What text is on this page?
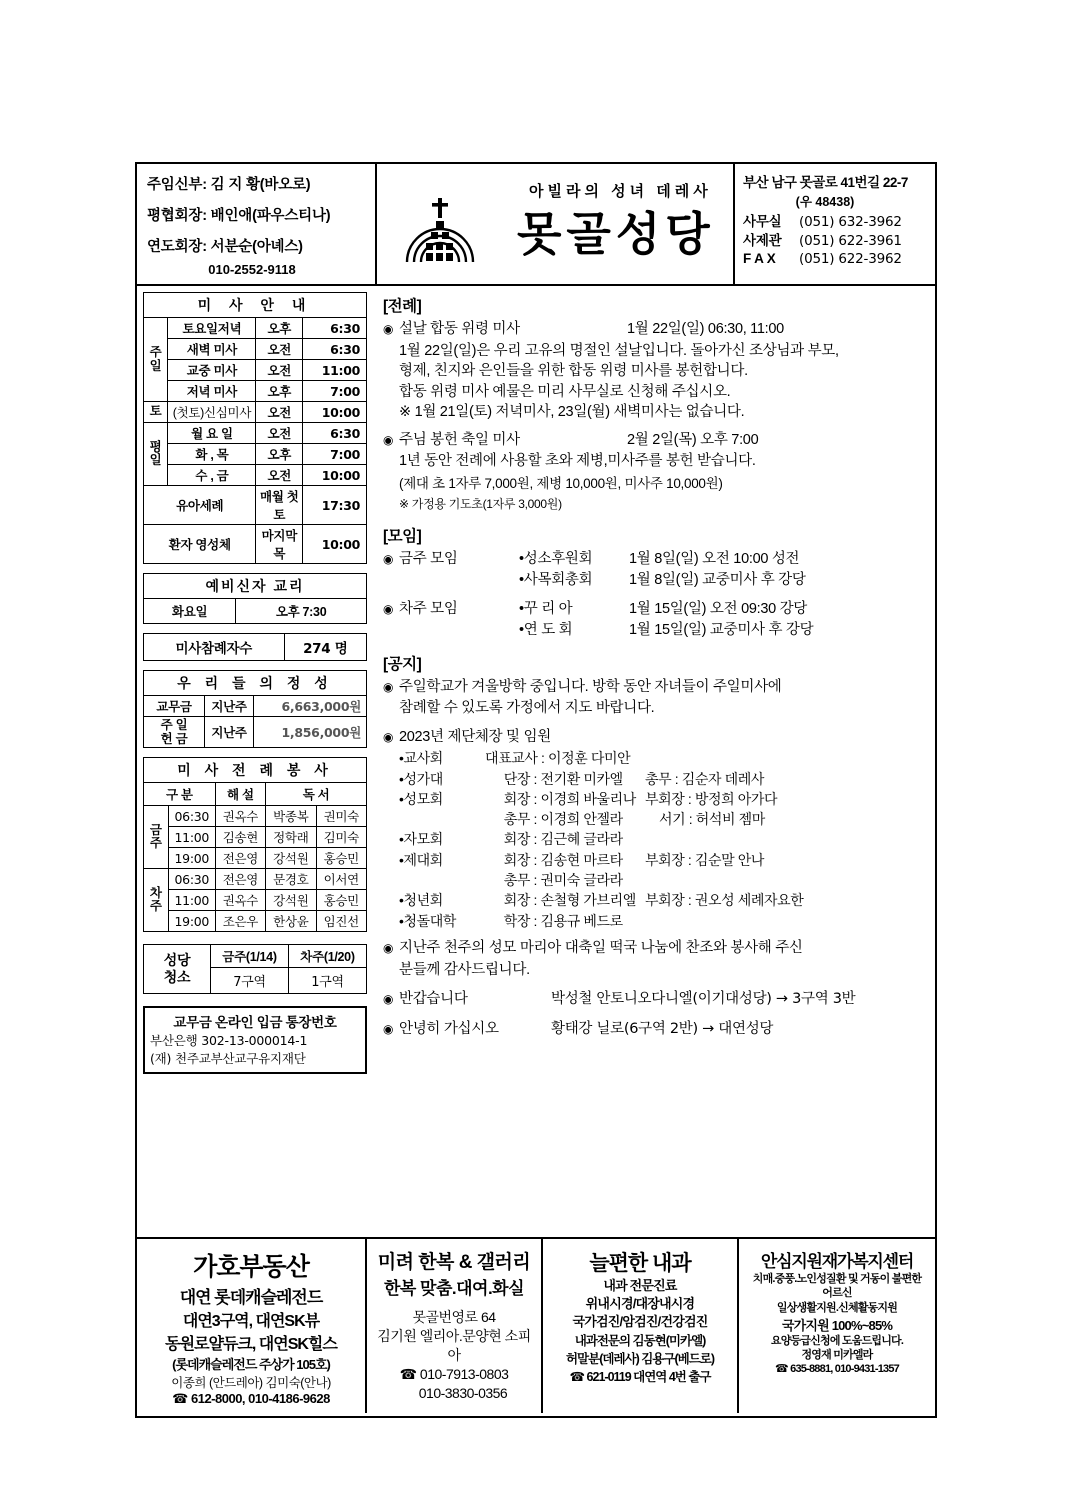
주임신부: 김 지 황(바오로)
평협회장: 배인애(파우스티나)
연도회장: 서분순(아녜스)
010-2552-9118
아빌라의 성녀 데레사
못골성당
부산 남구 못골로 41번길 22-7
(우 48438)
사무실 (051) 632-3962
사제관 (051) 622-3961
F A X (051) 622-3962
미 사 안 내			
주
일	토요일저녁	오후	6:30
	새벽 미사	오전	6:30
	교중 미사	오전	11:00
	저녁 미사	오후	7:00
토	(첫토)신심미사	오전	10:00
평
일	월 요 일	오전	6:30
	화 , 목	오후	7:00
	수 , 금	오전	10:00
유아세례		매월 첫 토	17:30
환자 영성체		마지막 목	10:00
예비신자 교리
화요일	오후 7:30
미사참례자수	274 명
우 리 들 의 정 성		
교무금	지난주	6,663,000원
주 일
헌 금	지난주	1,856,000원
미 사 전 례 봉 사				
구 분		해 설	독 서	
금
주	06:30	권옥수	박종복	권미숙
	11:00	김송현	정학래	김미숙
	19:00	전은영	강석원	홍승민
차
주	06:30	전은영	문경호	이서연
	11:00	권옥수	강석원	홍승민
	19:00	조은우	한상윤	임진선
성당
청소	금주(1/14)	차주(1/20)
	7구역	1구역
교무금 온라인 입금 통장번호
부산은행 302-13-000014-1
(재) 천주교부산교구유지재단
[전례]
◉ 설날 합동 위령 미사	1월 22일(일) 06:30, 11:00
1월 22일(일)은 우리 고유의 명절인 설날입니다. 돌아가신 조상님과 부모,
형제, 친지와 은인들을 위한 합동 위령 미사를 봉헌합니다.
합동 위령 미사 예물은 미리 사무실로 신청해 주십시오.
※ 1월 21일(토) 저녁미사, 23일(월) 새벽미사는 없습니다.
◉ 주님 봉헌 축일 미사	2월 2일(목) 오후 7:00
1년 동안 전례에 사용할 초와 제병,미사주를 봉헌 받습니다.
(제대 초 1자루 7,000원, 제병 10,000원, 미사주 10,000원)
※ 가정용 기도초(1자루 3,000원)
[모임]
◉ 금주 모임	•성소후원회	1월 8일(일) 오전 10:00 성전
•사목회총회	1월 8일(일) 교중미사 후 강당
◉ 차주 모임	•꾸 리 아	1월 15일(일) 오전 09:30 강당
•연 도 회	1월 15일(일) 교중미사 후 강당
[공지]
◉ 주일학교가 겨울방학 중입니다. 방학 동안 자녀들이 주일미사에
참례할 수 있도록 가정에서 지도 바랍니다.
◉ 2023년 제단체장 및 임원
•교사회	대표교사 : 이정훈 다미안
•성가대	단장 : 전기환 미카엘	총무 : 김순자 데레사
•성모회	회장 : 이경희 바울리나 부회장 : 방정희 아가다
총무 : 이경희 안젤라	서기 : 허석비 젬마
•자모회	회장 : 김근혜 글라라
•제대회	회장 : 김송현 마르타	부회장 : 김순말 안나
총무 : 권미숙 글라라
•청년회	회장 : 손철형 가브리엘 부회장 : 권오성 세례자요한
•청돌대학	학장 : 김용규 베드로
◉ 지난주 천주의 성모 마리아 대축일 떡국 나눔에 찬조와 봉사해 주신
분들께 감사드립니다.
◉ 반갑습니다	박성철 안토니오다니엘(이기대성당) → 3구역 3반
◉ 안녕히 가십시오	황태강 닐로(6구역 2반) → 대연성당
가호부동산
대연 롯데캐슬레전드
대연3구역, 대연SK뷰
동원로얄듀크, 대연SK힐스
(롯데캐슬레전드 주상가 105호)
이종희 (안드레아) 김미숙(안나)
☎ 612-8000, 010-4186-9628
미려 한복 & 갤러리
한복 맞춤.대여.화실
못골번영로 64
김기원 엘리아.문양현 소피아
☎ 010-7913-0803
010-3830-0356
늘편한 내과
내과 전문진료
위내시경/대장내시경
국가검진/암검진/건강검진
내과전문의 김동현(미카엘)
허말분(데레사) 김용구(베드로)
☎ 621-0119 대연역 4번 출구
안심지원재가복지센터
치매.중풍.노인성질환 및 거동이 불편한
어르신
일상생활지원.신체활동지원
국가지원 100%~85%
요양등급신청에 도움드립니다.
정영재 미카엘라
☎ 635-8881, 010-9431-1357
